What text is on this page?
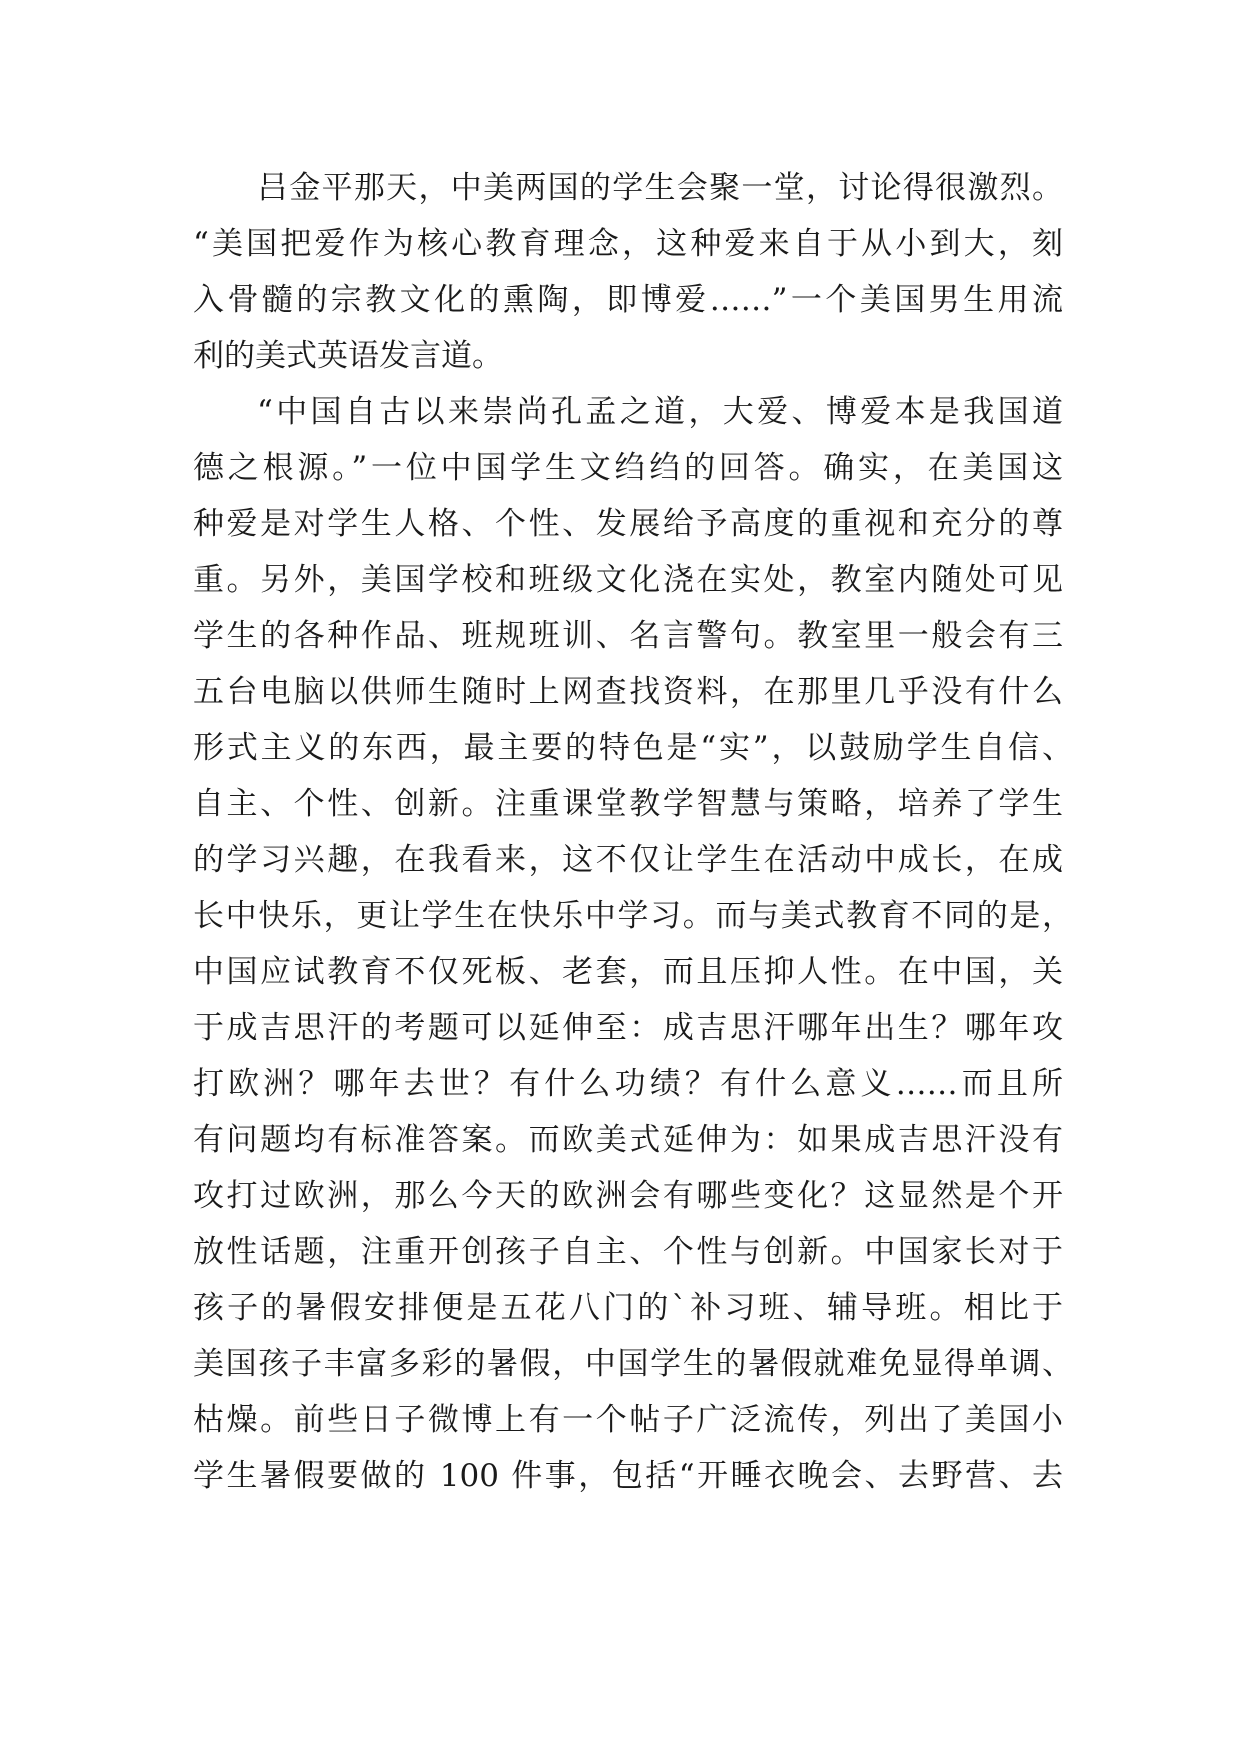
吕金平那天，中美两国的学生会聚一堂，讨论得很激烈。
“美国把爱作为核心教育理念，这种爱来自于从小到大，刻
入骨髓的宗教文化的熏陶，即博爱……”一个美国男生用流
利的美式英语发言道。

“中国自古以来崇尚孔孟之道，大爱、博爱本是我国道
德之根源。”一位中国学生文绉绉的回答。确实，在美国这
种爱是对学生人格、个性、发展给予高度的重视和充分的尊
重。另外，美国学校和班级文化浇在实处，教室内随处可见
学生的各种作品、班规班训、名言警句。教室里一般会有三
五台电脑以供师生随时上网查找资料，在那里几乎没有什么
形式主义的东西，最主要的特色是“实”，以鼓励学生自信、
自主、个性、创新。注重课堂教学智慧与策略，培养了学生
的学习兴趣，在我看来，这不仅让学生在活动中成长，在成
长中快乐，更让学生在快乐中学习。而与美式教育不同的是，
中国应试教育不仅死板、老套，而且压抑人性。在中国，关
于成吉思汗的考题可以延伸至：成吉思汗哪年出生？哪年攻
打欧洲？哪年去世？有什么功绩？有什么意义……而且所
有问题均有标准答案。而欧美式延伸为：如果成吉思汗没有
攻打过欧洲，那么今天的欧洲会有哪些变化？这显然是个开
放性话题，注重开创孩子自主、个性与创新。中国家长对于
孩子的暑假安排便是五花八门的`补习班、辅导班。相比于
美国孩子丰富多彩的暑假，中国学生的暑假就难免显得单调、
枯燥。前些日子微博上有一个帖子广泛流传，列出了美国小
学生暑假要做的 100 件事，包括“开睡衣晚会、去野营、去
